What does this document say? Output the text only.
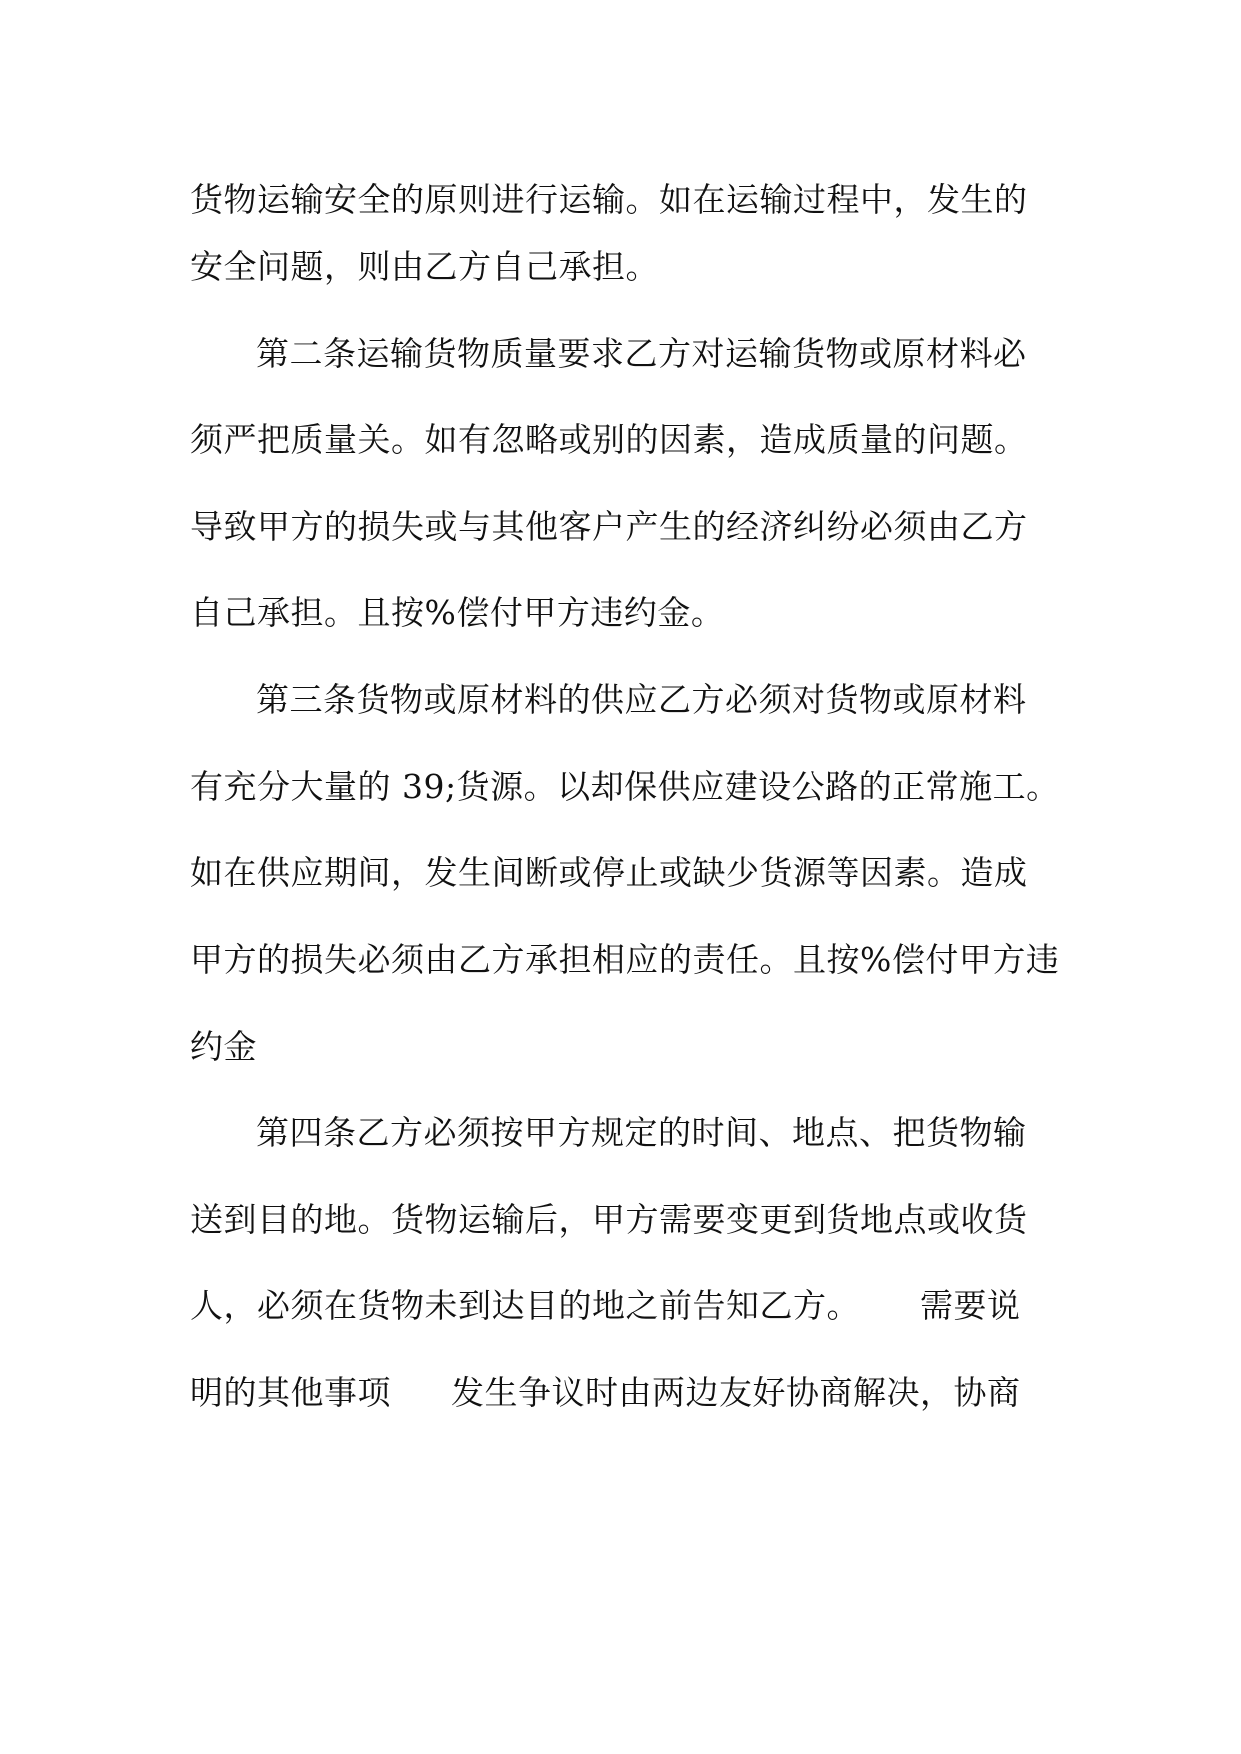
货物运输安全的原则进行运输。如在运输过程中，发生的
安全问题，则由乙方自己承担。
第二条运输货物质量要求乙方对运输货物或原材料必
须严把质量关。如有忽略或别的因素，造成质量的问题。
导致甲方的损失或与其他客户产生的经济纠纷必须由乙方
自己承担。且按%偿付甲方违约金。
第三条货物或原材料的供应乙方必须对货物或原材料
有充分大量的 39;货源。以却保供应建设公路的正常施工。
如在供应期间，发生间断或停止或缺少货源等因素。造成
甲方的损失必须由乙方承担相应的责任。且按%偿付甲方违
约金
第四条乙方必须按甲方规定的时间、地点、把货物输
送到目的地。货物运输后，甲方需要变更到货地点或收货
人，必须在货物未到达目的地之前告知乙方。 需要说
明的其他事项 发生争议时由两边友好协商解决，协商
